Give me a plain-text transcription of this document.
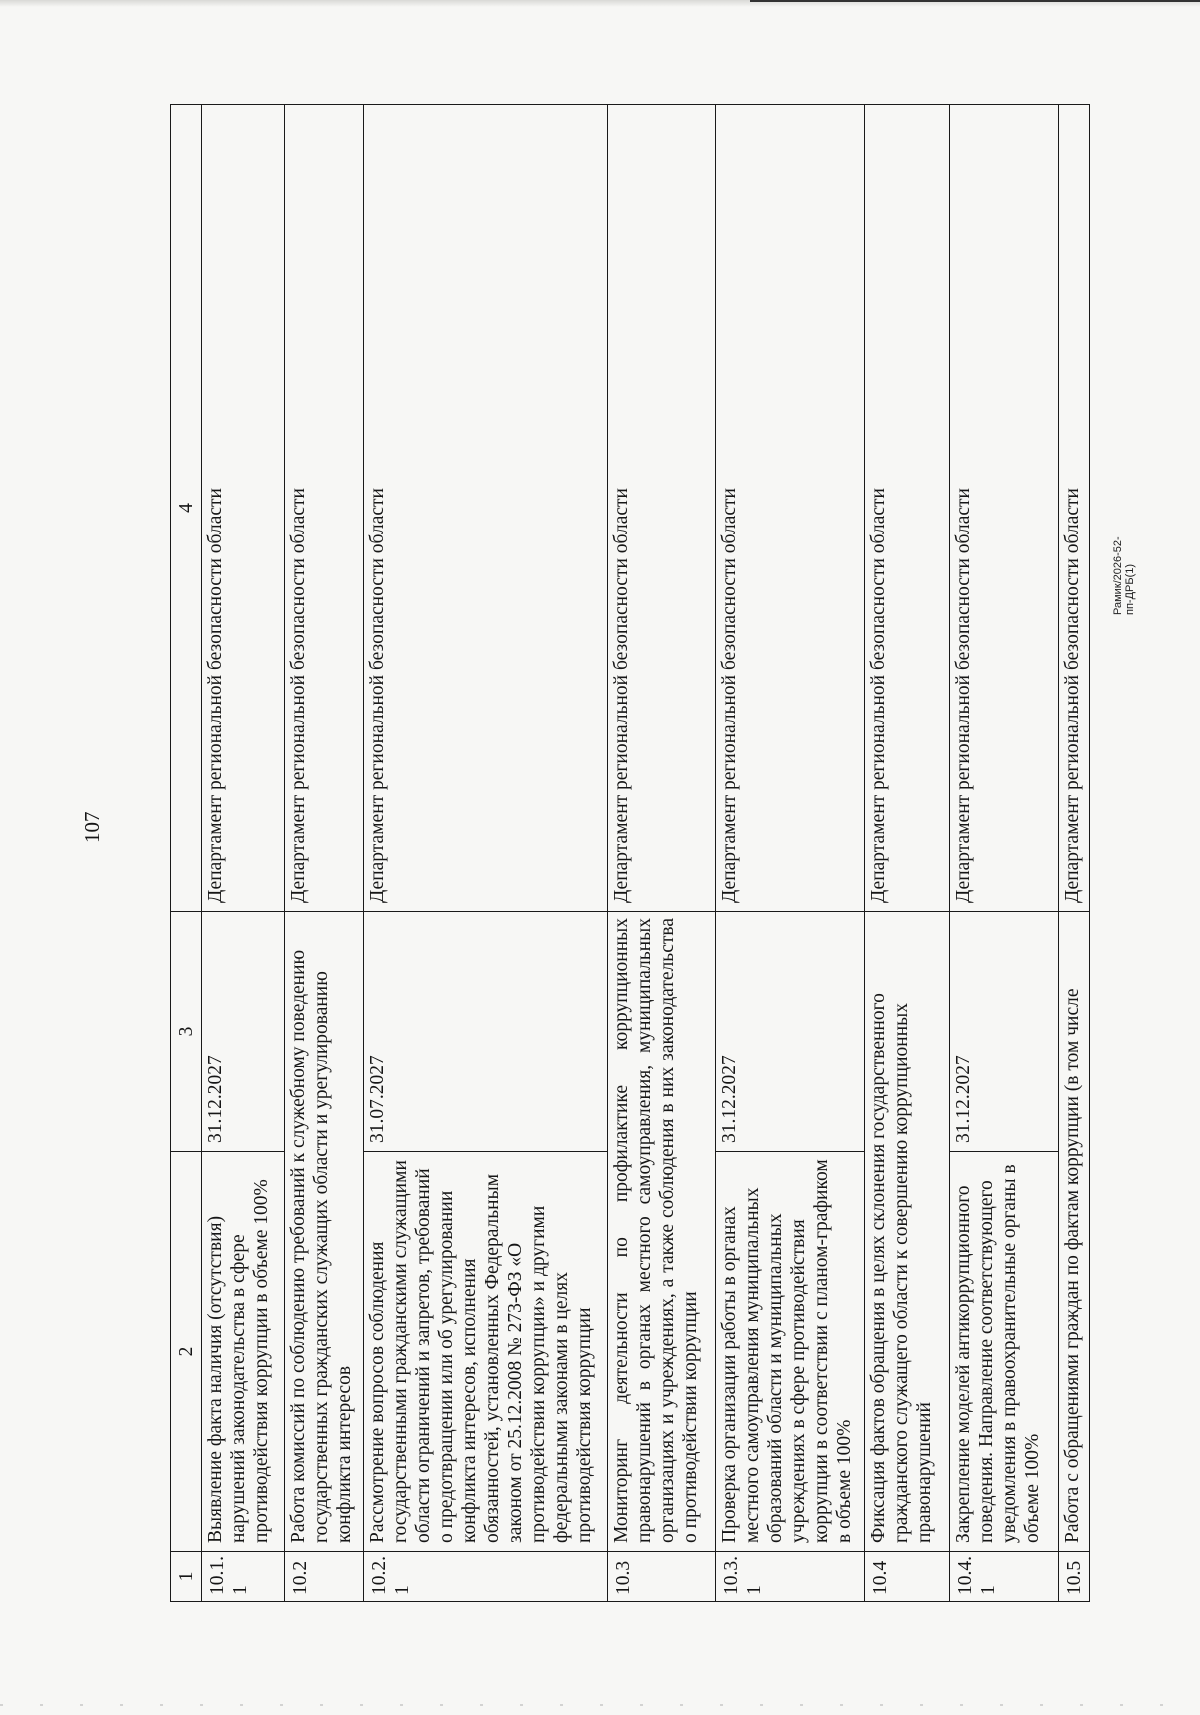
107
1	2	3	4
10.1.1	Выявление факта наличия (отсутствия) нарушений законодательства в сфере противодействия коррупции в объеме 100%	31.12.2027	Департамент региональной безопасности области
10.2	Работа комиссий по соблюдению требований к служебному поведению государственных гражданских служащих области и урегулированию конфликта интересов		Департамент региональной безопасности области
10.2.1	Рассмотрение вопросов соблюдения государственными гражданскими служащими области ограничений и запретов, требований о предотвращении или об урегулировании конфликта интересов, исполнения обязанностей, установленных Федеральным законом от 25.12.2008 № 273-ФЗ «О противодействии коррупции» и другими федеральными законами в целях противодействия коррупции	31.07.2027	Департамент региональной безопасности области
10.3	Мониторинг деятельности по профилактике коррупционных правонарушений в органах местного самоуправления, муниципальных организациях и учреждениях, а также соблюдения в них законодательства о противодействии коррупции		Департамент региональной безопасности области
10.3.1	Проверка организации работы в органах местного самоуправления муниципальных образований области и муниципальных учреждениях в сфере противодействия коррупции в соответствии с планом-графиком в объеме 100%	31.12.2027	Департамент региональной безопасности области
10.4	Фиксация фактов обращения в целях склонения государственного гражданского служащего области к совершению коррупционных правонарушений		Департамент региональной безопасности области
10.4.1	Закрепление моделей антикоррупционного поведения. Направление соответствующего уведомления в правоохранительные органы в объеме 100%	31.12.2027	Департамент региональной безопасности области
10.5	Работа с обращениями граждан по фактам коррупции (в том числе		Департамент региональной безопасности области	Рамик/2026-52-пп-ДРБ(1)
